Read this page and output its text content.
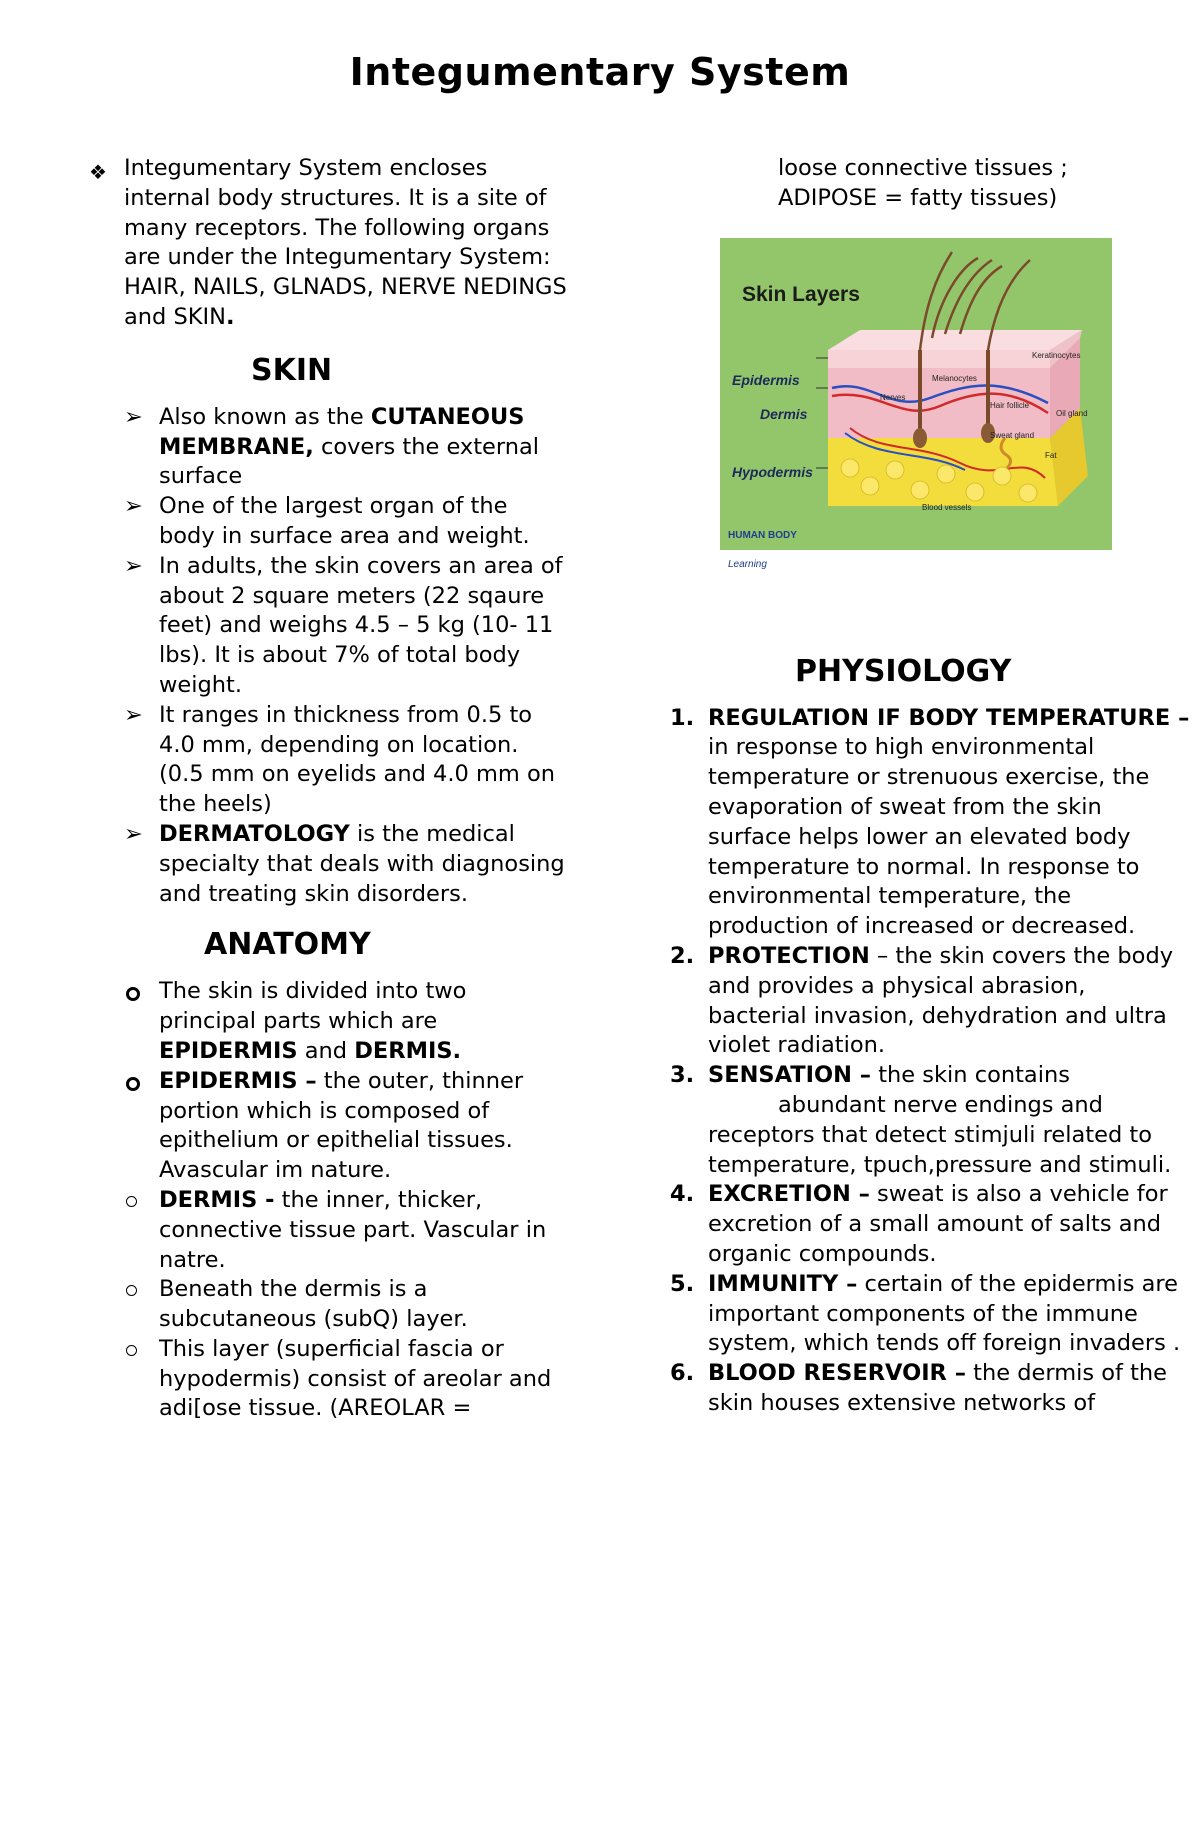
Integumentary System
❖ Integumentary System encloses internal body structures. It is a site of many receptors. The following organs are under the Integumentary System: HAIR, NAILS, GLNADS, NERVE NEDINGS and SKIN.
SKIN
➢ Also known as the CUTANEOUS MEMBRANE, covers the external surface
➢ One of the largest organ of the body in surface area and weight.
➢ In adults, the skin covers an area of about 2 square meters (22 sqaure feet) and weighs 4.5 – 5 kg (10- 11 lbs). It is about 7% of total body weight.
➢ It ranges in thickness from 0.5 to 4.0 mm, depending on location. (0.5 mm on eyelids and 4.0 mm on the heels)
➢ DERMATOLOGY is the medical specialty that deals with diagnosing and treating skin disorders.
ANATOMY
The skin is divided into two principal parts which are EPIDERMIS and DERMIS.
EPIDERMIS – the outer, thinner portion which is composed of epithelium or epithelial tissues. Avascular im nature.
DERMIS - the inner, thicker, connective tissue part. Vascular in natre.
Beneath the dermis is a subcutaneous (subQ) layer.
This layer (superficial fascia or hypodermis) consist of areolar and adi[ose tissue. (AREOLAR =
loose connective tissues ;
ADIPOSE = fatty tissues)
Keratinocytes
Melanocytes
Nerves
Hair follicle
Oil gland
Sweat gland
Fat
Blood vessels
Skin Layers
Epidermis
Dermis
Hypodermis
HUMAN BODY
Learning
PHYSIOLOGY
1. REGULATION IF BODY TEMPERATURE – in response to high environmental temperature or strenuous exercise, the evaporation of sweat from the skin surface helps lower an elevated body temperature to normal. In response to environmental temperature, the production of increased or decreased.
2. PROTECTION – the skin covers the body and provides a physical abrasion, bacterial invasion, dehydration and ultra violet radiation.
3. SENSATION – the skin contains
abundant nerve endings and receptors that detect stimjuli related to temperature, tpuch,pressure and stimuli.
4. EXCRETION – sweat is also a vehicle for excretion of a small amount of salts and organic compounds.
5. IMMUNITY – certain of the epidermis are important components of the immune system, which tends off foreign invaders .
6. BLOOD RESERVOIR – the dermis of the skin houses extensive networks of
